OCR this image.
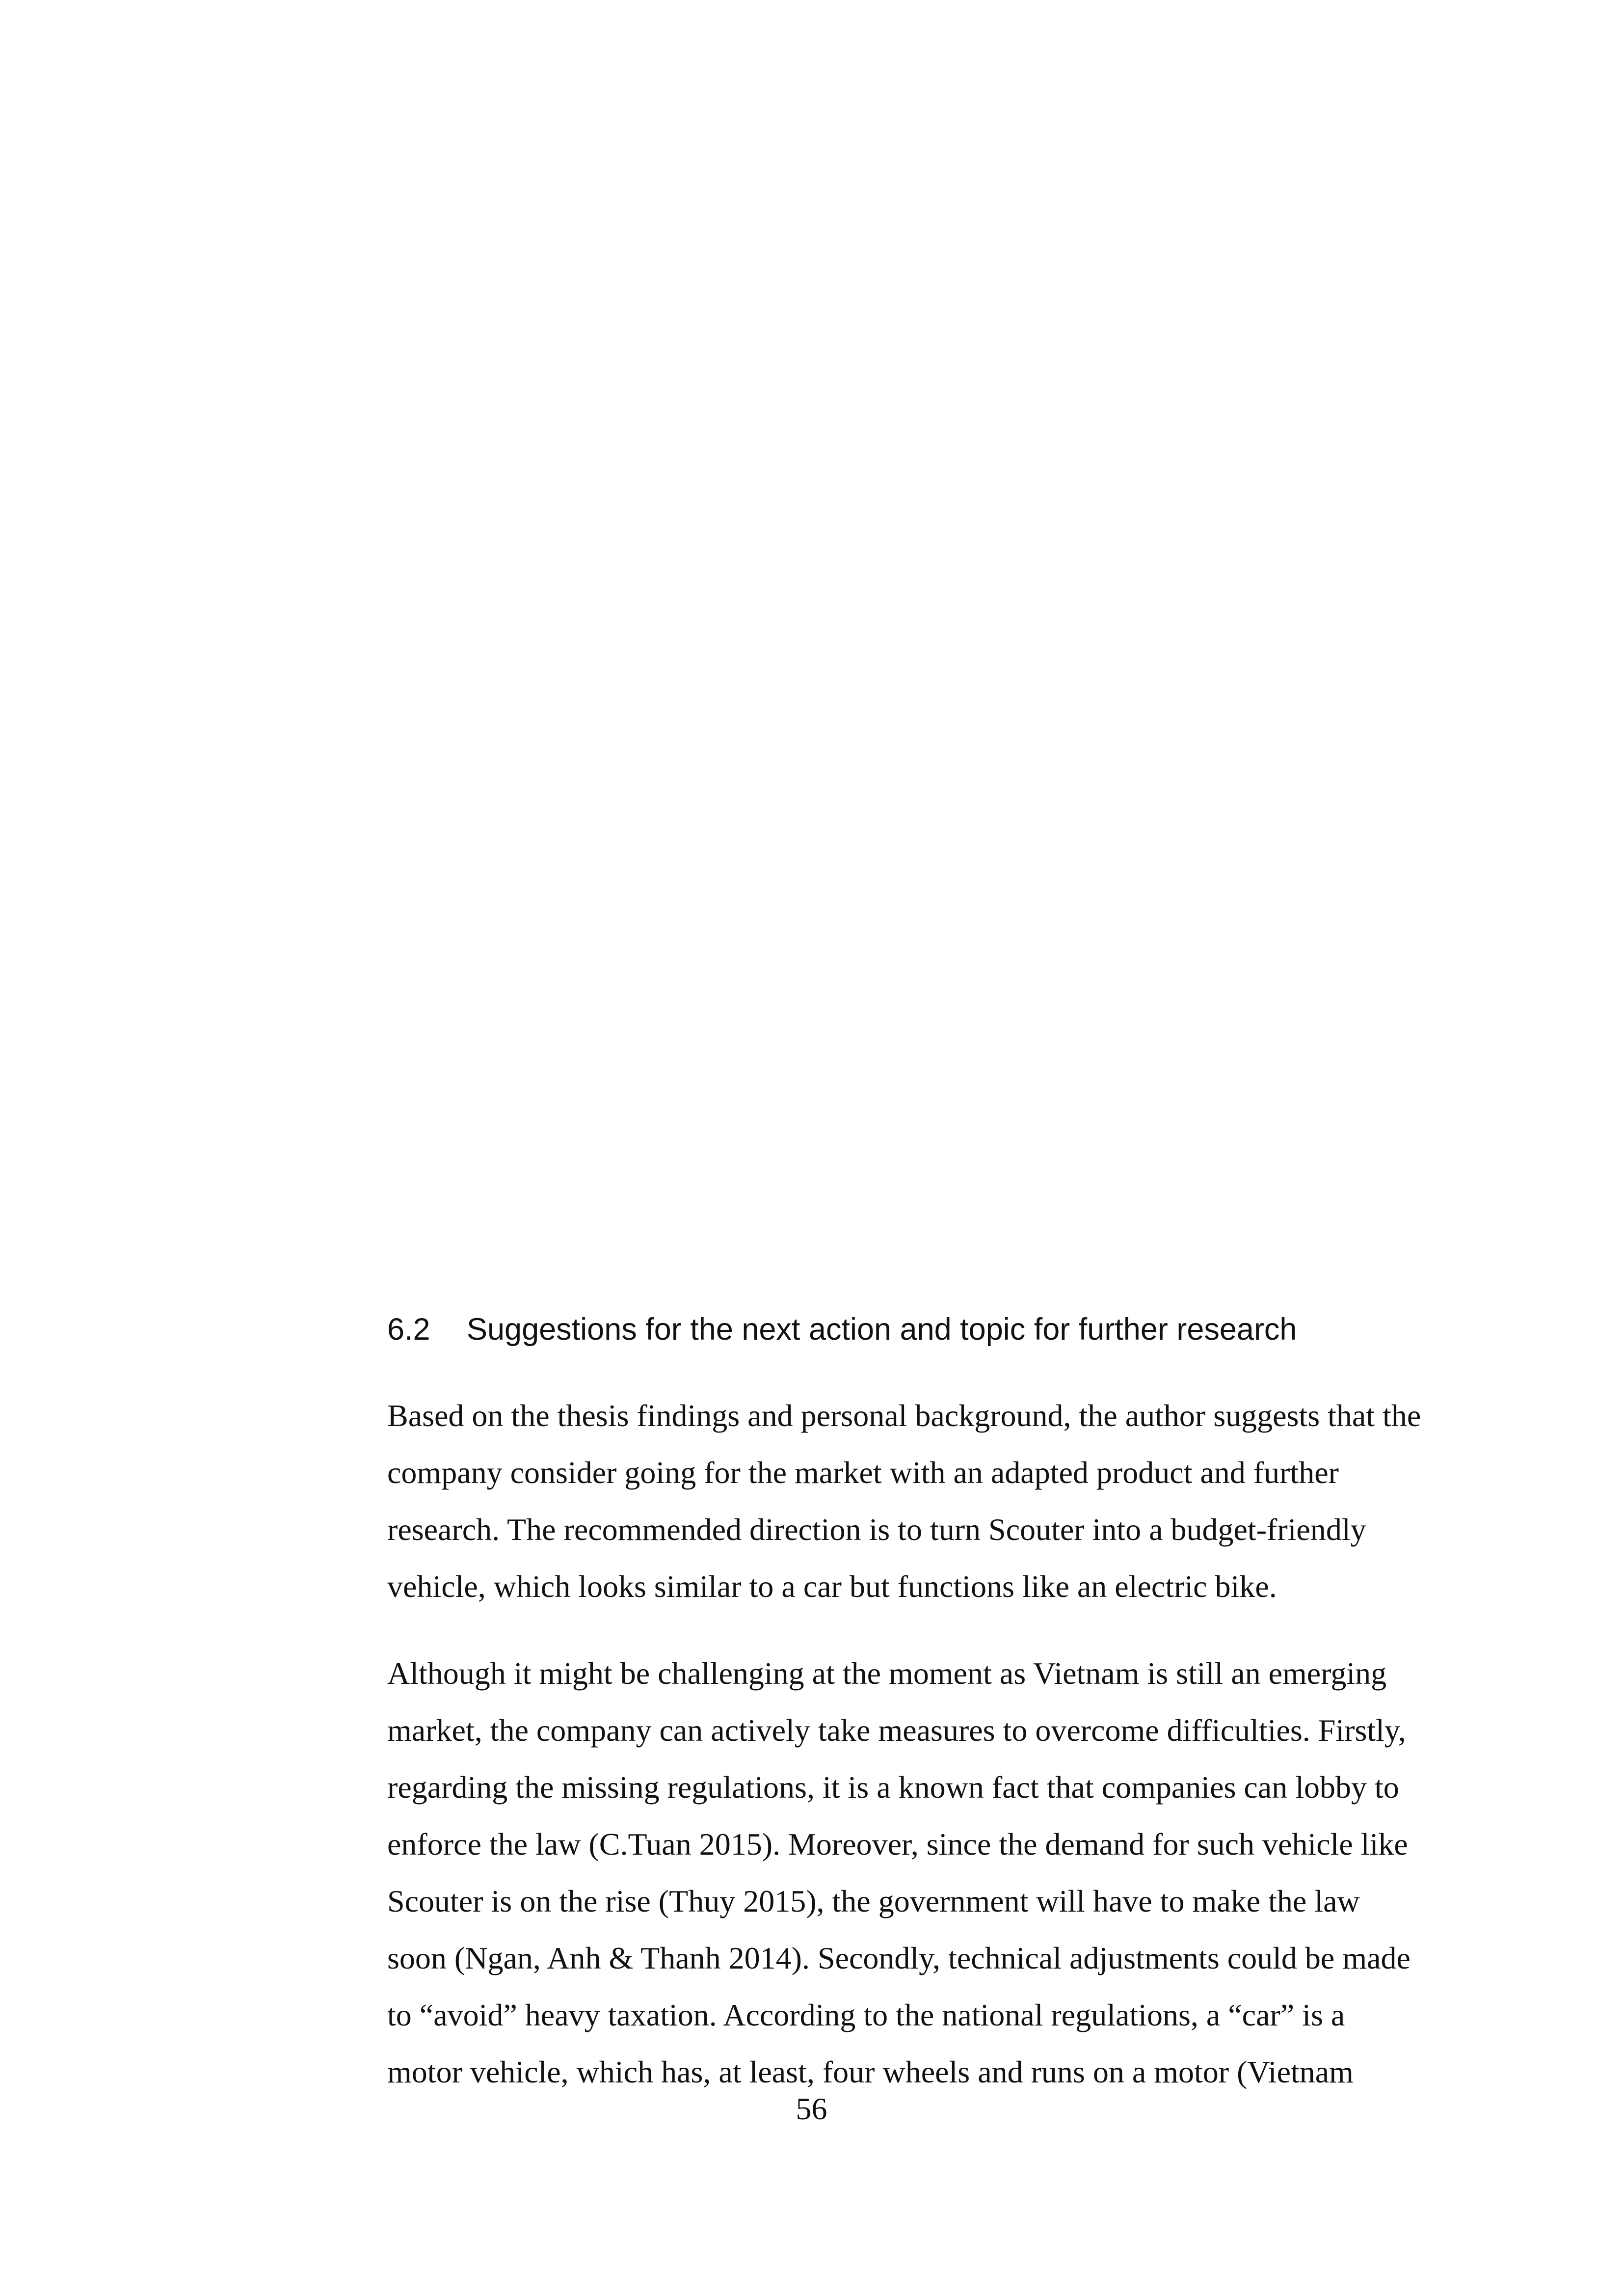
6.2 Suggestions for the next action and topic for further research
Based on the thesis findings and personal background, the author suggests that the
company consider going for the market with an adapted product and further
research. The recommended direction is to turn Scouter into a budget-friendly
vehicle, which looks similar to a car but functions like an electric bike.
Although it might be challenging at the moment as Vietnam is still an emerging
market, the company can actively take measures to overcome difficulties. Firstly,
regarding the missing regulations, it is a known fact that companies can lobby to
enforce the law (C.Tuan 2015). Moreover, since the demand for such vehicle like
Scouter is on the rise (Thuy 2015), the government will have to make the law
soon (Ngan, Anh & Thanh 2014). Secondly, technical adjustments could be made
to “avoid” heavy taxation. According to the national regulations, a “car” is a
motor vehicle, which has, at least, four wheels and runs on a motor (Vietnam
56
